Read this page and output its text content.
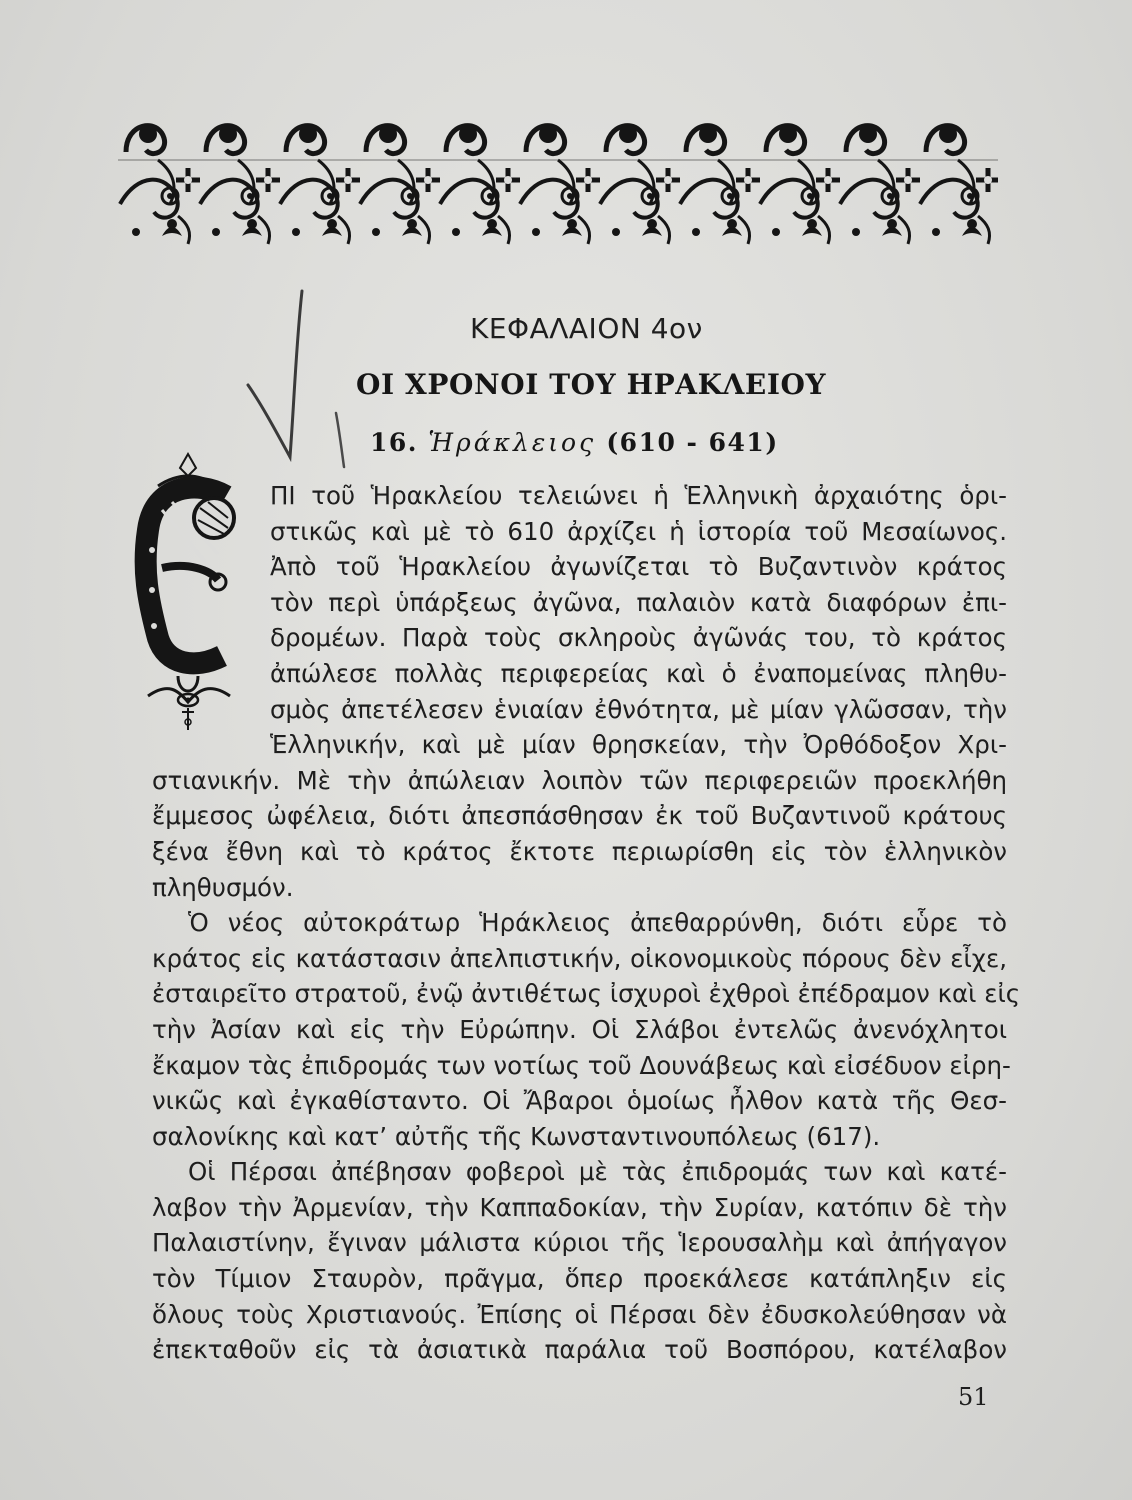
ΚΕΦΑΛΑΙΟΝ 4ον
ΟΙ ΧΡΟΝΟΙ ΤΟΥ ΗΡΑΚΛΕΙΟΥ
16. Ἡράκλειος (610 - 641)
ΠΙ τοῦ Ἡρακλείου τελειώνει ἡ Ἑλληνικὴ ἀρχαιότης ὁρι-
στικῶς καὶ μὲ τὸ 610 ἀρχίζει ἡ ἱστορία τοῦ Μεσαίωνος.
Ἀπὸ τοῦ Ἡρακλείου ἀγωνίζεται τὸ Βυζαντινὸν κράτος
τὸν περὶ ὑπάρξεως ἀγῶνα, παλαιὸν κατὰ διαφόρων ἐπι-
δρομέων. Παρὰ τοὺς σκληροὺς ἀγῶνάς του, τὸ κράτος
ἀπώλεσε πολλὰς περιφερείας καὶ ὁ ἐναπομείνας πληθυ-
σμὸς ἀπετέλεσεν ἑνιαίαν ἐθνότητα, μὲ μίαν γλῶσσαν, τὴν
Ἑλληνικήν, καὶ μὲ μίαν θρησκείαν, τὴν Ὀρθόδοξον Χρι-
στιανικήν. Μὲ τὴν ἀπώλειαν λοιπὸν τῶν περιφερειῶν προεκλήθη
ἔμμεσος ὠφέλεια, διότι ἀπεσπάσθησαν ἐκ τοῦ Βυζαντινοῦ κράτους
ξένα ἔθνη καὶ τὸ κράτος ἔκτοτε περιωρίσθη εἰς τὸν ἑλληνικὸν
πληθυσμόν.
Ὁ νέος αὐτοκράτωρ Ἡράκλειος ἀπεθαρρύνθη, διότι εὗρε τὸ
κράτος εἰς κατάστασιν ἀπελπιστικήν, οἰκονομικοὺς πόρους δὲν εἶχε,
ἐσταιρεῖτο στρατοῦ, ἐνῷ ἀντιθέτως ἰσχυροὶ ἐχθροὶ ἐπέδραμον καὶ εἰς
τὴν Ἀσίαν καὶ εἰς τὴν Εὐρώπην. Οἱ Σλάβοι ἐντελῶς ἀνενόχλητοι
ἔκαμον τὰς ἐπιδρομάς των νοτίως τοῦ Δουνάβεως καὶ εἰσέδυον εἰρη-
νικῶς καὶ ἐγκαθίσταντο. Οἱ Ἄβαροι ὁμοίως ἦλθον κατὰ τῆς Θεσ-
σαλονίκης καὶ κατ’ αὐτῆς τῆς Κωνσταντινουπόλεως (617).
Οἱ Πέρσαι ἀπέβησαν φοβεροὶ μὲ τὰς ἐπιδρομάς των καὶ κατέ-
λαβον τὴν Ἀρμενίαν, τὴν Καππαδοκίαν, τὴν Συρίαν, κατόπιν δὲ τὴν
Παλαιστίνην, ἔγιναν μάλιστα κύριοι τῆς Ἱερουσαλὴμ καὶ ἀπήγαγον
τὸν Τίμιον Σταυρὸν, πρᾶγμα, ὅπερ προεκάλεσε κατάπληξιν εἰς
ὅλους τοὺς Χριστιανούς. Ἐπίσης οἱ Πέρσαι δὲν ἐδυσκολεύθησαν νὰ
ἐπεκταθοῦν εἰς τὰ ἀσιατικὰ παράλια τοῦ Βοσπόρου, κατέλαβον
51
